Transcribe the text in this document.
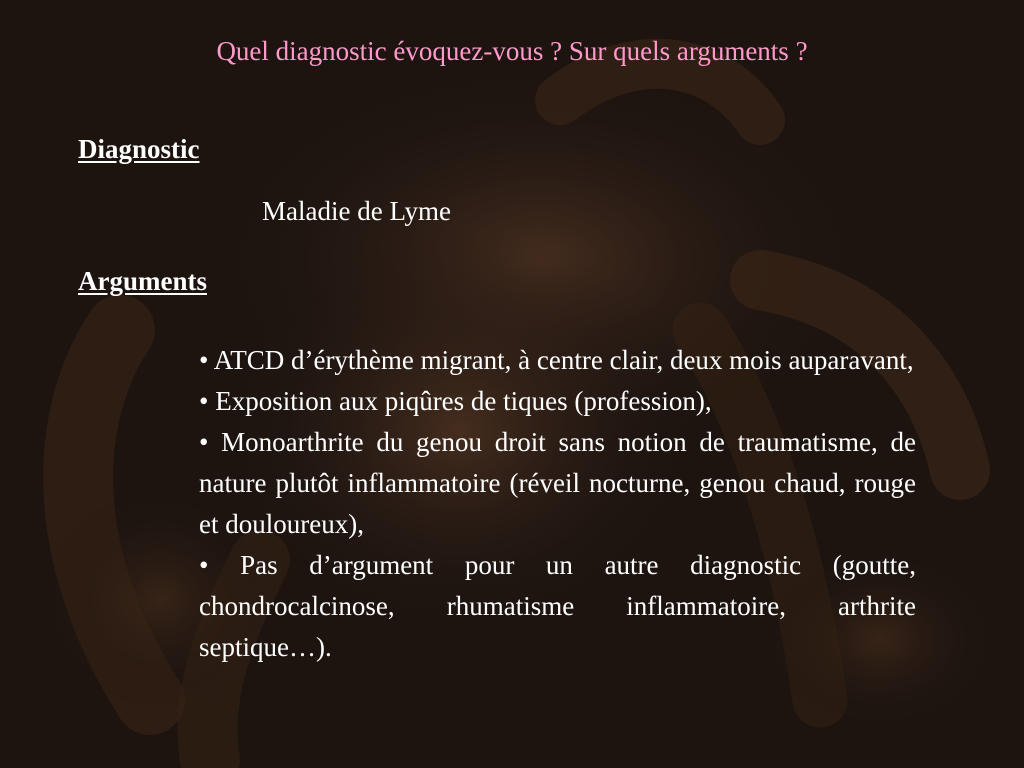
Quel diagnostic évoquez-vous ? Sur quels arguments ?
Diagnostic
Maladie de Lyme
Arguments
• ATCD d’érythème migrant, à centre clair, deux mois auparavant,
• Exposition aux piqûres de tiques (profession),
• Monoarthrite du genou droit sans notion de traumatisme, de nature plutôt inflammatoire (réveil nocturne, genou chaud, rouge et douloureux),
• Pas d’argument pour un autre diagnostic (goutte, chondrocalcinose, rhumatisme inflammatoire, arthrite septique…).
